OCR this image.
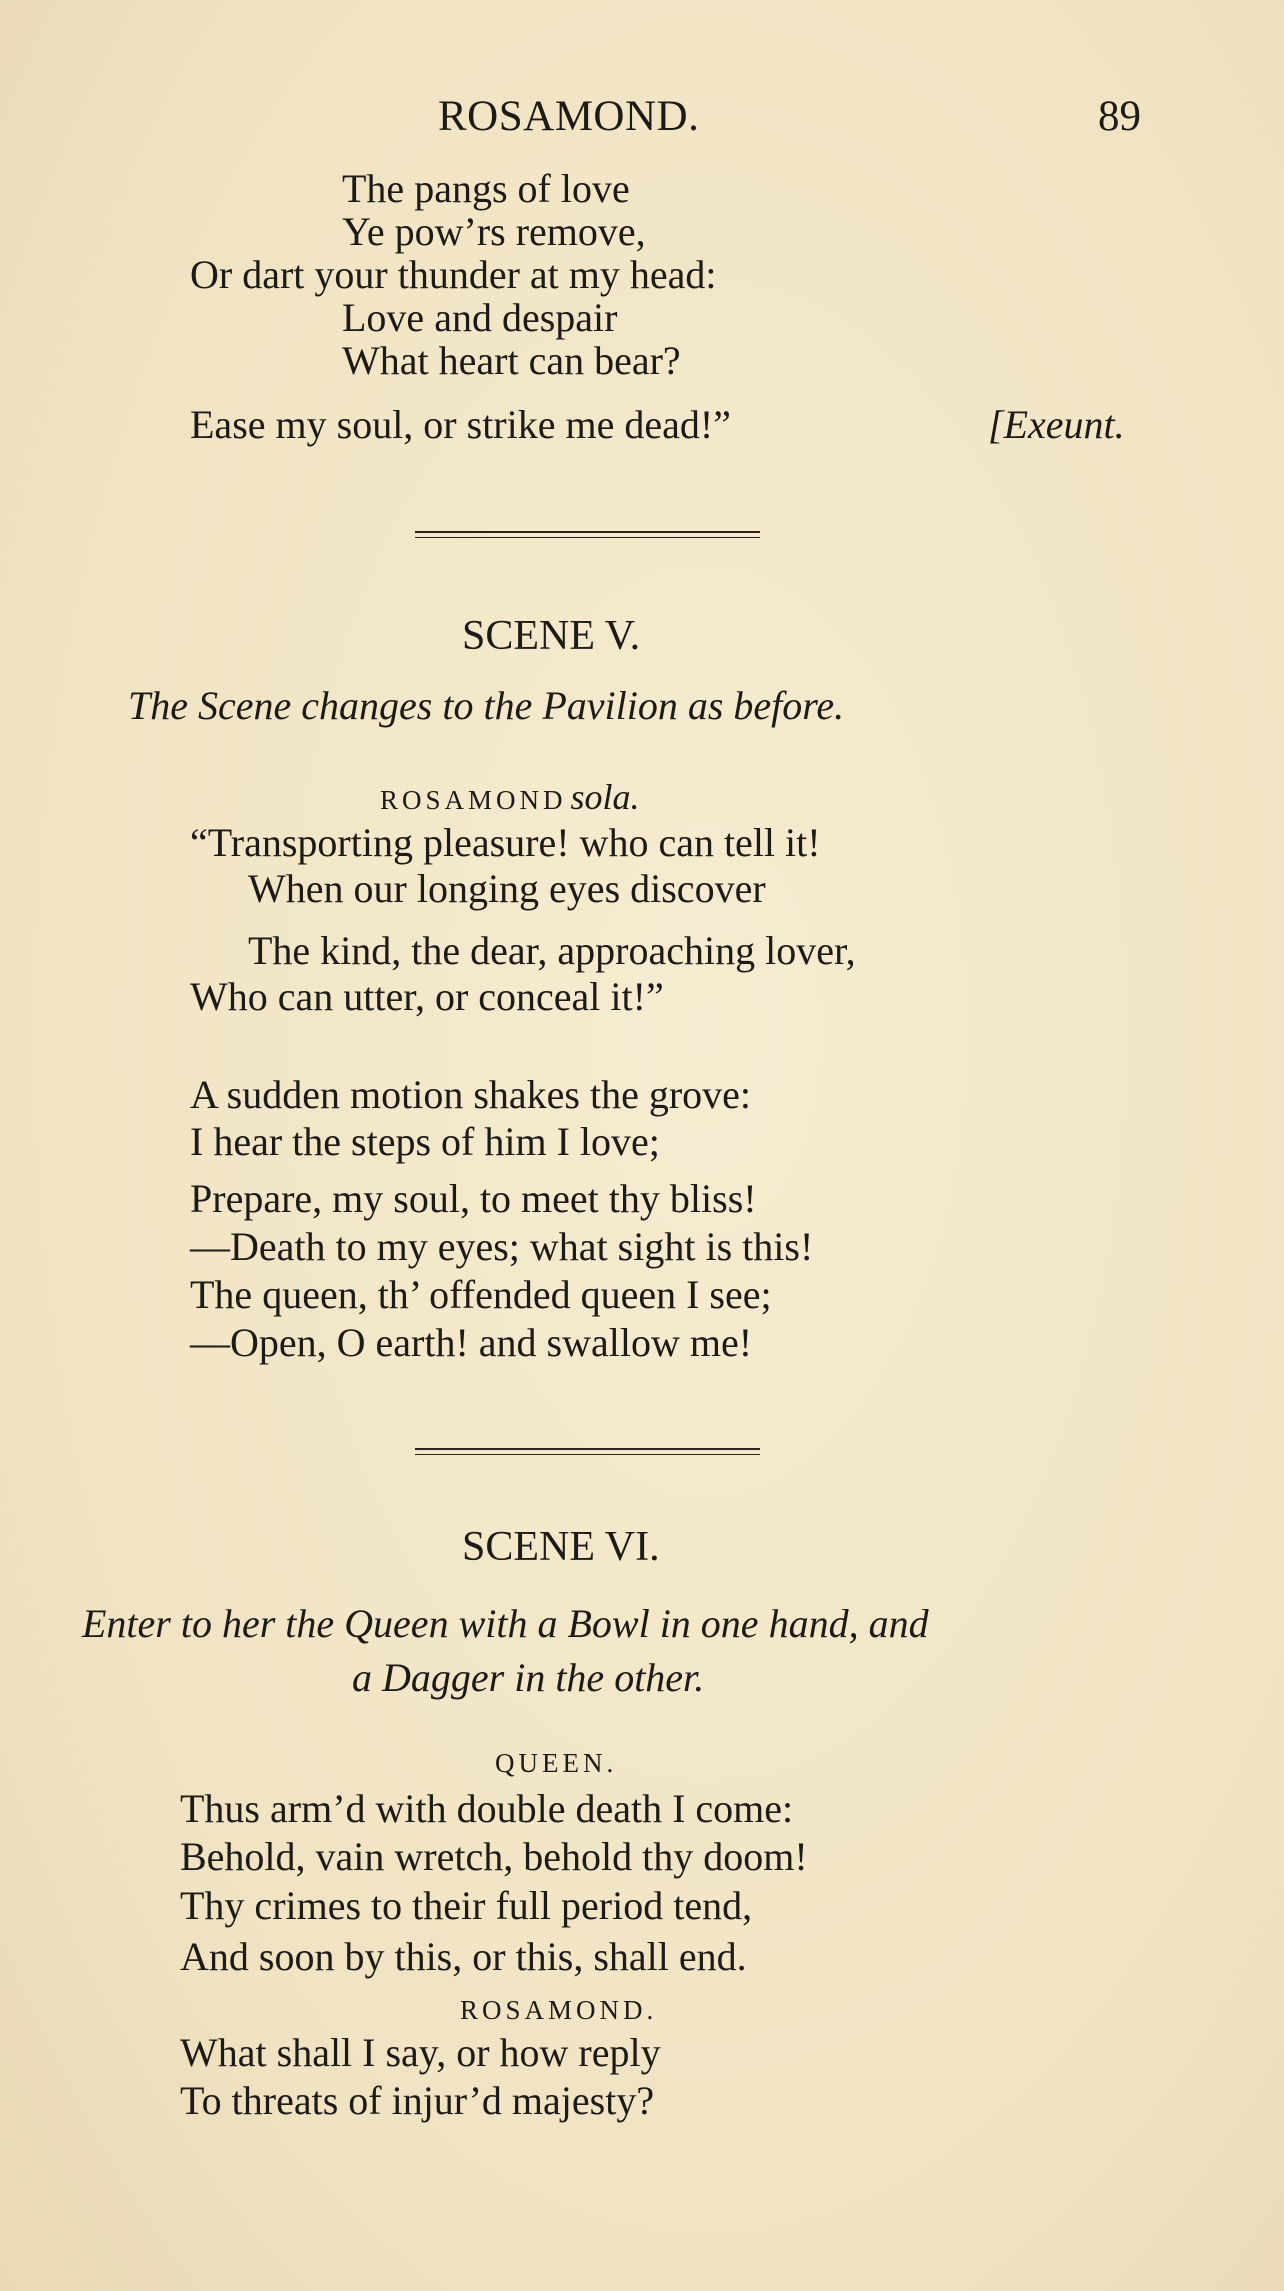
ROSAMOND.	89
The pangs of love
Ye pow’rs remove,
Or dart your thunder at my head:
Love and despair
What heart can bear?
Ease my soul, or strike me dead!”	[Exeunt.
SCENE V.
The Scene changes to the Pavilion as before.
ROSAMOND sola.
“Transporting pleasure! who can tell it!
When our longing eyes discover
The kind, the dear, approaching lover,
Who can utter, or conceal it!”
A sudden motion shakes the grove:
I hear the steps of him I love;
Prepare, my soul, to meet thy bliss!
—Death to my eyes; what sight is this!
The queen, th’ offended queen I see;
—Open, O earth! and swallow me!
SCENE VI.
Enter to her the Queen with a Bowl in one hand, and
a Dagger in the other.
QUEEN.
Thus arm’d with double death I come:
Behold, vain wretch, behold thy doom!
Thy crimes to their full period tend,
And soon by this, or this, shall end.
ROSAMOND.
What shall I say, or how reply
To threats of injur’d majesty?
